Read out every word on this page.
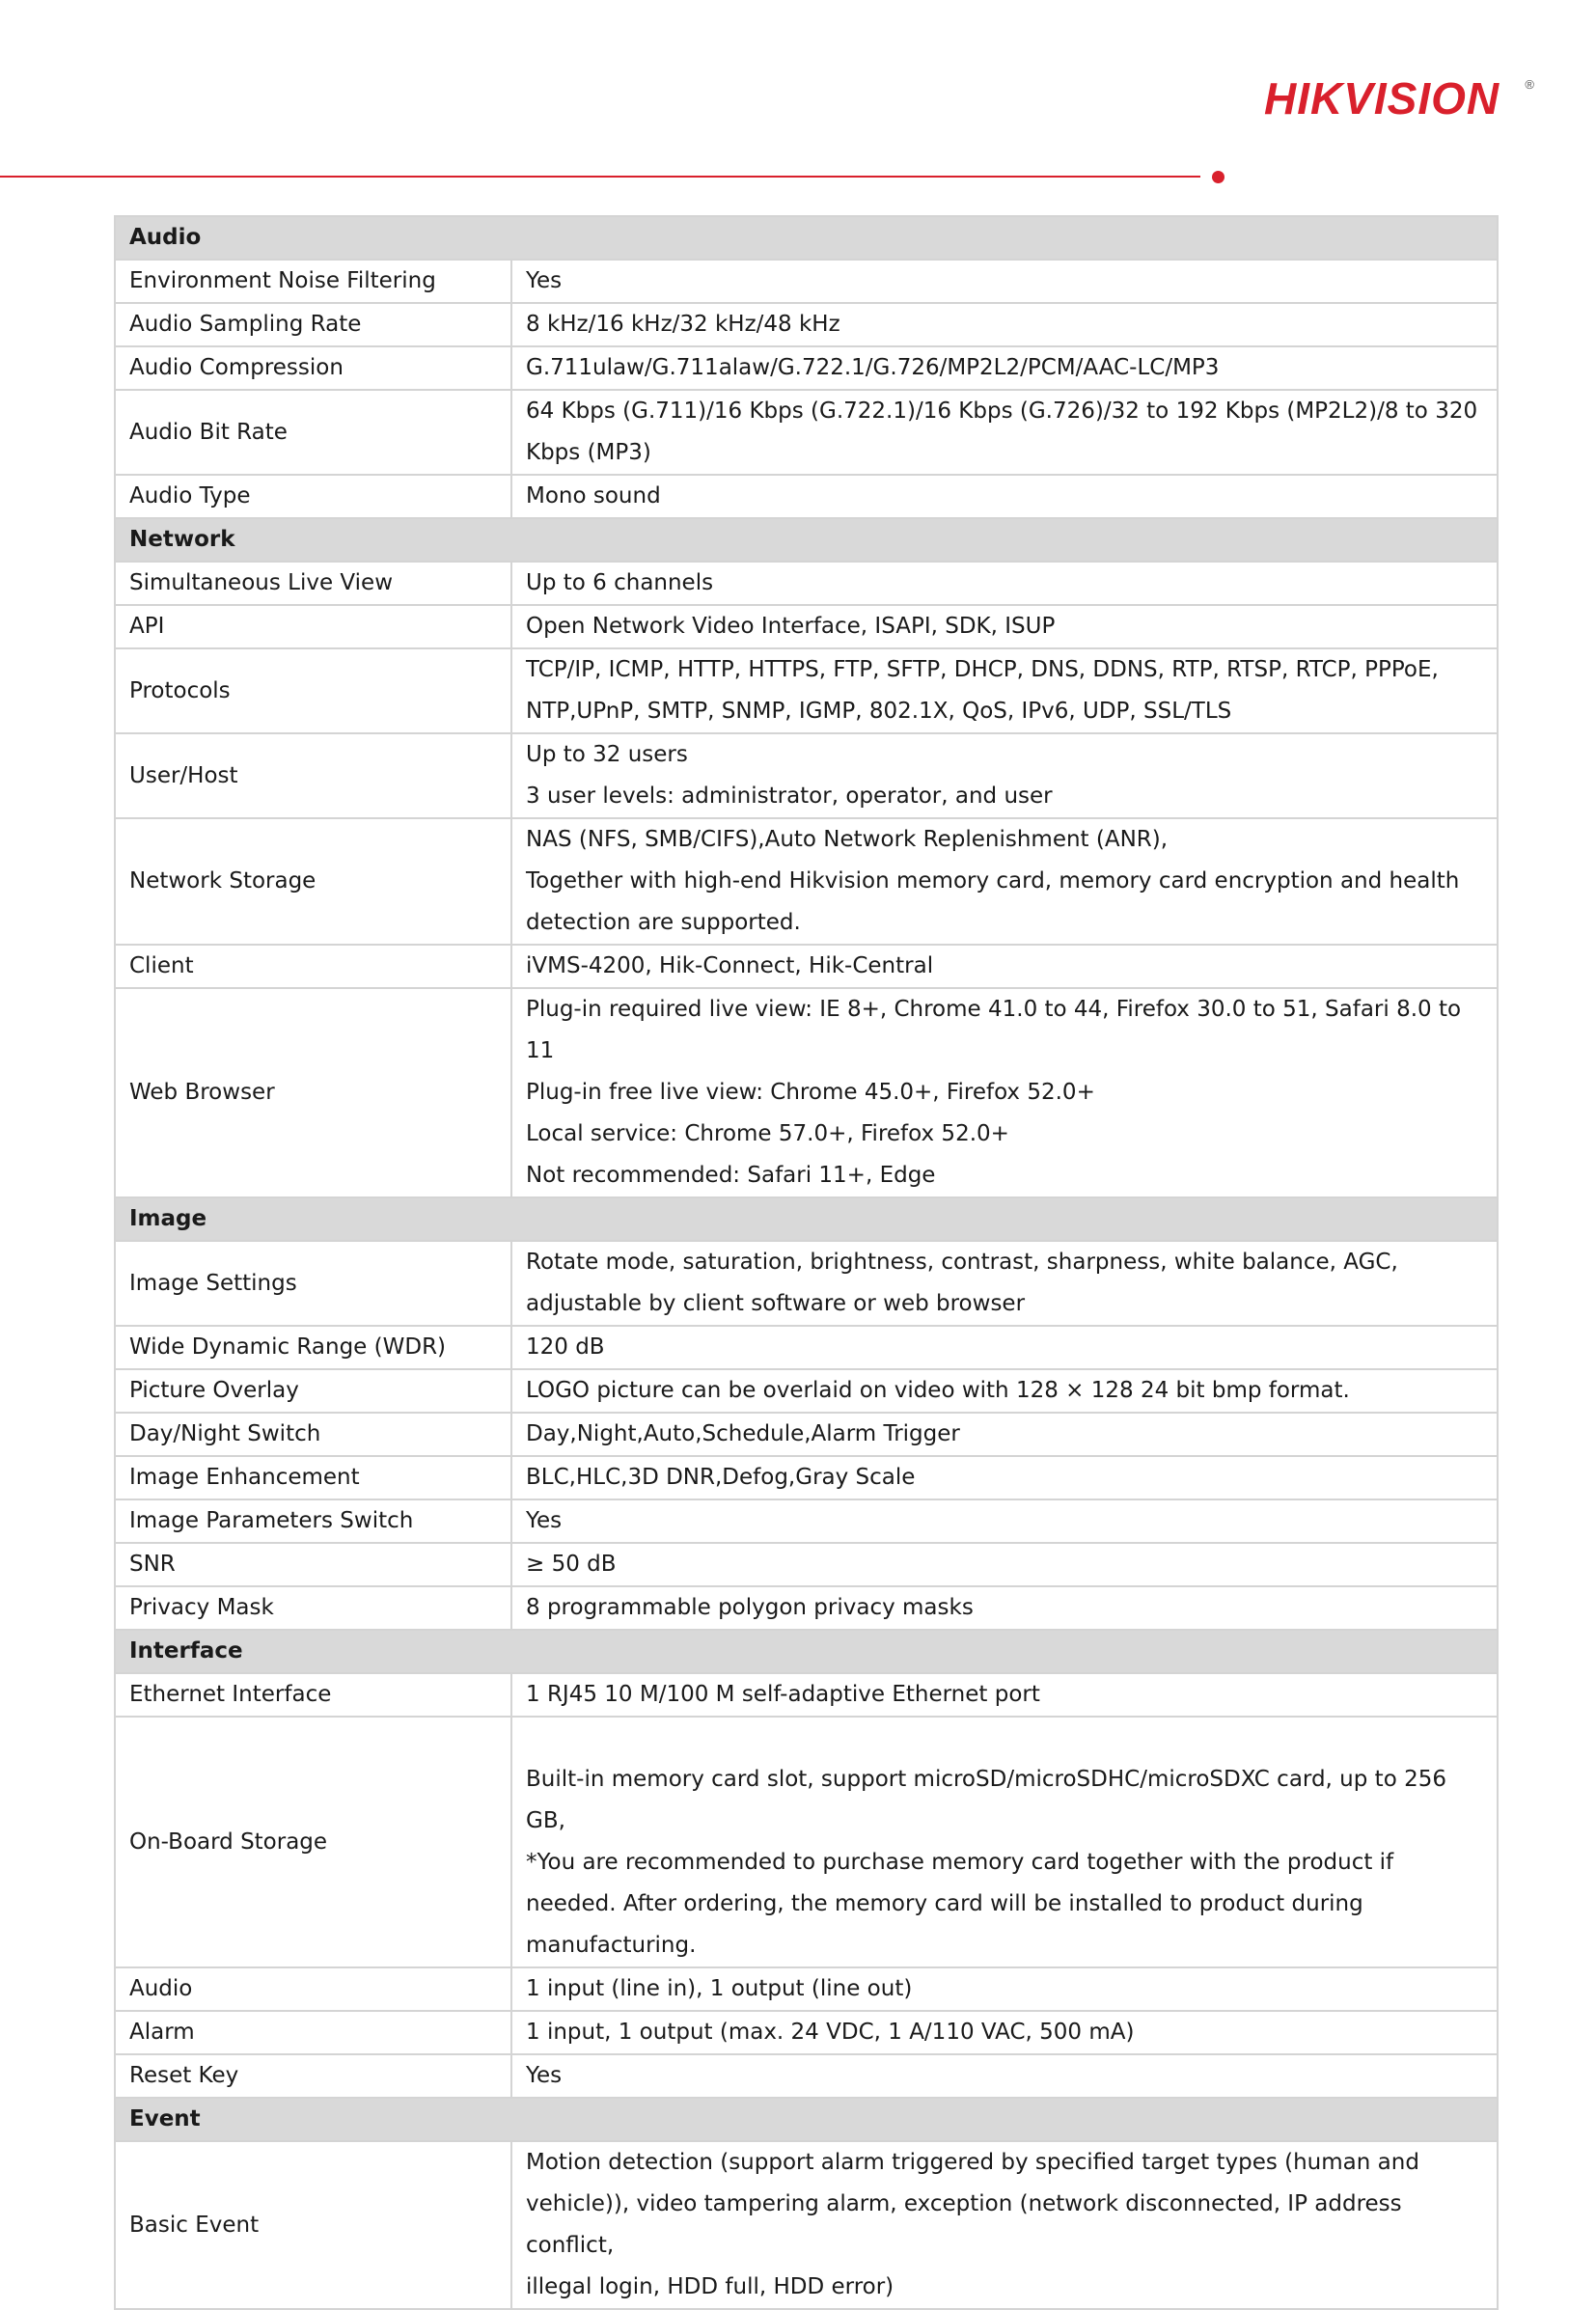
HIKVISION ®
Audio	
Environment Noise Filtering	Yes

Audio Sampling Rate	8 kHz/16 kHz/32 kHz/48 kHz

Audio Compression	G.711ulaw/G.711alaw/G.722.1/G.726/MP2L2/PCM/AAC-LC/MP3

Audio Bit Rate	64 Kbps (G.711)/16 Kbps (G.722.1)/16 Kbps (G.726)/32 to 192 Kbps (MP2L2)/8 to 320
Kbps (MP3)

Audio Type	Mono sound

Network	
Simultaneous Live View	Up to 6 channels

API	Open Network Video Interface, ISAPI, SDK, ISUP

Protocols	TCP/IP, ICMP, HTTP, HTTPS, FTP, SFTP, DHCP, DNS, DDNS, RTP, RTSP, RTCP, PPPoE,
NTP,UPnP, SMTP, SNMP, IGMP, 802.1X, QoS, IPv6, UDP, SSL/TLS

User/Host	Up to 32 users
3 user levels: administrator, operator, and user

Network Storage	NAS (NFS, SMB/CIFS),Auto Network Replenishment (ANR),
Together with high-end Hikvision memory card, memory card encryption and health
detection are supported.

Client	iVMS-4200, Hik-Connect, Hik-Central

Web Browser	Plug-in required live view: IE 8+, Chrome 41.0 to 44, Firefox 30.0 to 51, Safari 8.0 to 11
Plug-in free live view: Chrome 45.0+, Firefox 52.0+
Local service: Chrome 57.0+, Firefox 52.0+
Not recommended: Safari 11+, Edge

Image	
Image Settings	Rotate mode, saturation, brightness, contrast, sharpness, white balance, AGC,
adjustable by client software or web browser

Wide Dynamic Range (WDR)	120 dB

Picture Overlay	LOGO picture can be overlaid on video with 128 × 128 24 bit bmp format.

Day/Night Switch	Day,Night,Auto,Schedule,Alarm Trigger

Image Enhancement	BLC,HLC,3D DNR,Defog,Gray Scale

Image Parameters Switch	Yes

SNR	≥ 50 dB

Privacy Mask	8 programmable polygon privacy masks

Interface	
Ethernet Interface	1 RJ45 10 M/100 M self-adaptive Ethernet port

On-Board Storage	Built-in memory card slot, support microSD/microSDHC/microSDXC card, up to 256 GB,
*You are recommended to purchase memory card together with the product if
needed. After ordering, the memory card will be installed to product during
manufacturing.

Audio	1 input (line in), 1 output (line out)

Alarm	1 input, 1 output (max. 24 VDC, 1 A/110 VAC, 500 mA)

Reset Key	Yes

Event	
Basic Event	Motion detection (support alarm triggered by specified target types (human and
vehicle)), video tampering alarm, exception (network disconnected, IP address conflict,
illegal login, HDD full, HDD error)
